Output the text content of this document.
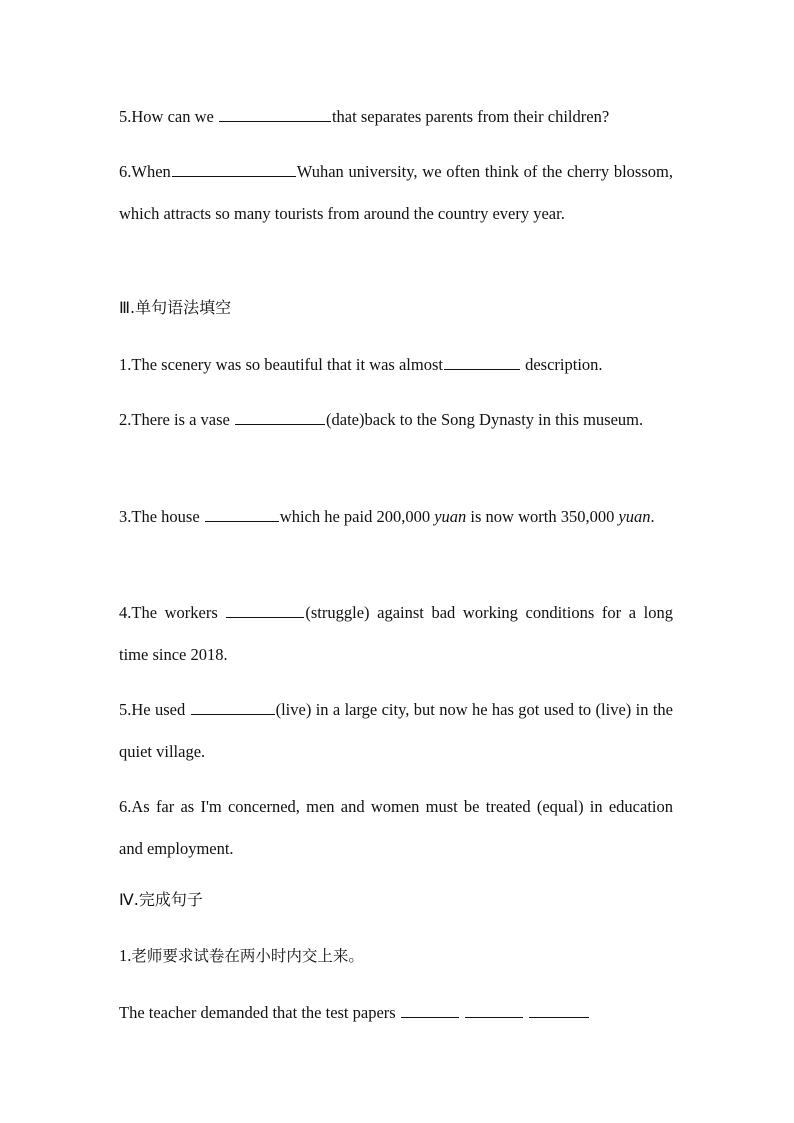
5.How can we	that separates parents from their children?

6.When	Wuhan university, we often think of the cherry blossom, which attracts so many tourists from around the country every year.

Ⅲ.单句语法填空

1.The scenery was so beautiful that it was almost	description.

2.There is a vase	(date)back to the Song Dynasty in this museum.

3.The house	which he paid 200,000 yuan is now worth 350,000 yuan.

4.The workers	(struggle) against bad working conditions for a long time since 2018.

5.He used	(live) in a large city, but now he has got used to (live) in the quiet village.

6.As far as I'm concerned, men and women must be treated (equal) in education and employment.

Ⅳ.完成句子

1.老师要求试卷在两小时内交上来。

The teacher demanded that the test papers
